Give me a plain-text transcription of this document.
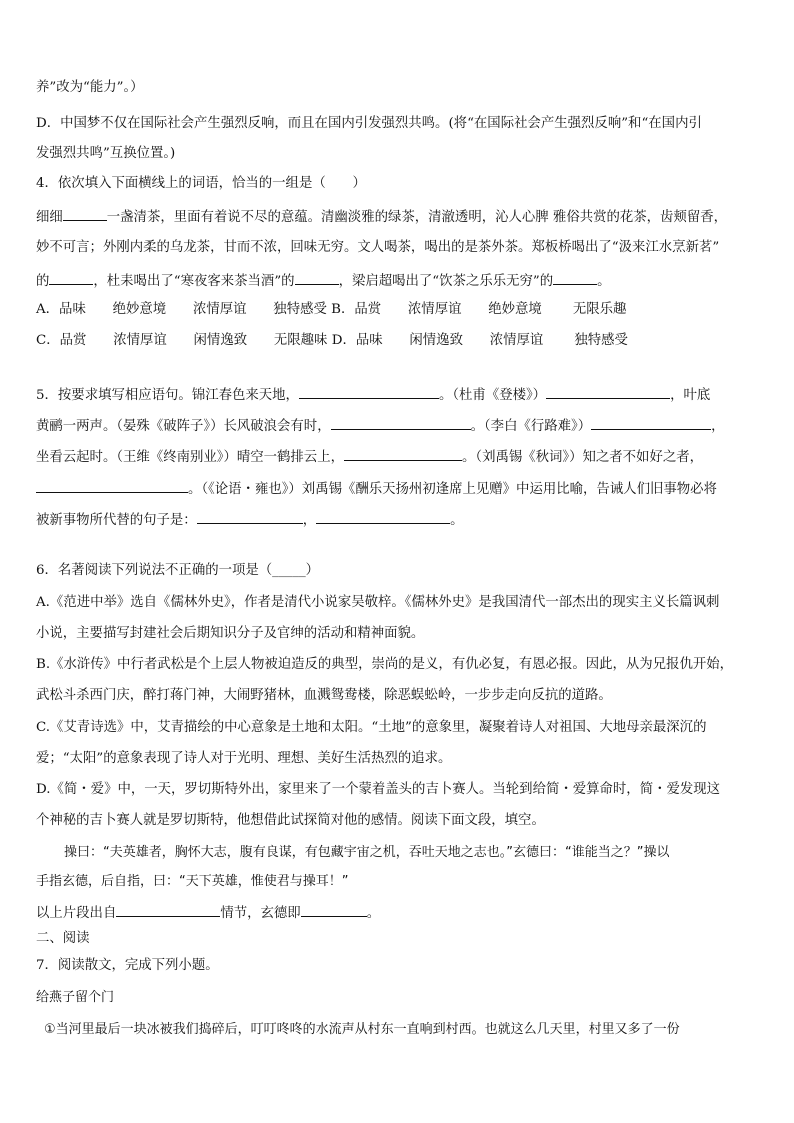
养”改为“能力”。）
D．中国梦不仅在国际社会产生强烈反响，而且在国内引发强烈共鸣。(将“在国际社会产生强烈反响”和“在国内引
发强烈共鸣”互换位置。)
4．依次填入下面横线上的词语，恰当的一组是（　　）
细细	一盏清茶，里面有着说不尽的意蕴。清幽淡雅的绿茶，清澈透明，沁人心脾 雅俗共赏的花茶，齿颊留香，
妙不可言；外刚内柔的乌龙茶，甘而不浓，回味无穷。文人喝茶，喝出的是茶外茶。郑板桥喝出了“汲来江水烹新茗”
的	，杜耒喝出了“寒夜客来茶当酒”的	，梁启超喝出了“饮茶之乐乐无穷”的	。
A．品味　　绝妙意境　　浓情厚谊　　独特感受 B．品赏　　浓情厚谊　　绝妙意境　　 无限乐趣
C．品赏　　浓情厚谊　　闲情逸致　　无限趣味 D．品味　　闲情逸致　　浓情厚谊　　 独特感受
5．按要求填写相应语句。锦江春色来天地，	。（杜甫《登楼》）	，叶底
黄鹂一两声。（晏殊《破阵子》）长风破浪会有时，	。（李白《行路难》）	，
坐看云起时。（王维《终南别业》）晴空一鹤排云上，	。（刘禹锡《秋词》）知之者不如好之者，
。（《论语・雍也》）刘禹锡《酬乐天扬州初逢席上见赠》中运用比喻，告诫人们旧事物必将
被新事物所代替的句子是：	，	。
6．名著阅读下列说法不正确的一项是（_____）
A.《范进中举》选自《儒林外史》，作者是清代小说家吴敬梓。《儒林外史》是我国清代一部杰出的现实主义长篇讽刺
小说，主要描写封建社会后期知识分子及官绅的活动和精神面貌。
B.《水浒传》中行者武松是个上层人物被迫造反的典型，崇尚的是义，有仇必复，有恩必报。因此，从为兄报仇开始，
武松斗杀西门庆，醉打蒋门神，大闹野猪林，血溅鸳鸯楼，除恶蜈蚣岭，一步步走向反抗的道路。
C.《艾青诗选》中，艾青描绘的中心意象是土地和太阳。“土地”的意象里，凝聚着诗人对祖国、大地母亲最深沉的
爱；“太阳”的意象表现了诗人对于光明、理想、美好生活热烈的追求。
D.《简・爱》中，一天，罗切斯特外出，家里来了一个蒙着盖头的吉卜赛人。当轮到给简・爱算命时，简・爱发现这
个神秘的吉卜赛人就是罗切斯特，他想借此试探简对他的感情。阅读下面文段，填空。
操曰：“夫英雄者，胸怀大志，腹有良谋，有包藏宇宙之机，吞吐天地之志也。”玄德曰：“谁能当之？”操以
手指玄德，后自指，曰：“天下英雄，惟使君与操耳！”
以上片段出自	情节，玄德即	。
二、阅读
7．阅读散文，完成下列小题。
给燕子留个门
①当河里最后一块冰被我们捣碎后，叮叮咚咚的水流声从村东一直响到村西。也就这么几天里，村里又多了一份
